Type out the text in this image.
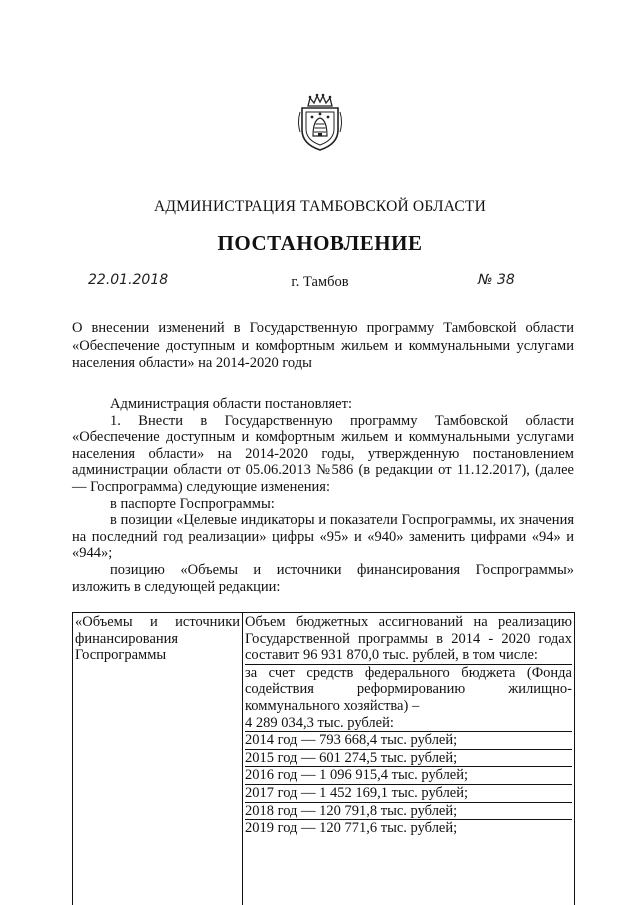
АДМИНИСТРАЦИЯ ТАМБОВСКОЙ ОБЛАСТИ
ПОСТАНОВЛЕНИЕ
22.01.2018	г. Тамбов	№ 38
О внесении изменений в Государственную программу Тамбовской области «Обеспечение доступным и комфортным жильем и коммунальными услугами населения области» на 2014-2020 годы

Администрация области постановляет:

1. Внести в Государственную программу Тамбовской области «Обеспечение доступным и комфортным жильем и коммунальными услугами населения области» на 2014-2020 годы, утвержденную постановлением администрации области от 05.06.2013 №586 (в редакции от 11.12.2017), (далее — Госпрограмма) следующие изменения:

в паспорте Госпрограммы:

в позиции «Целевые индикаторы и показатели Госпрограммы, их значения на последний год реализации» цифры «95» и «940» заменить цифрами «94» и «944»;

позицию «Объемы и источники финансирования Госпрограммы» изложить в следующей редакции:

«Объемы и источники финансирования Госпрограммы	
Объем бюджетных ассигнований на реализацию Государственной программы в 2014 - 2020 годах составит 96 931 870,0 тыс. рублей, в том числе:
за счет средств федерального бюджета (Фонда содействия реформированию жилищно-коммунального хозяйства) –
4 289 034,3 тыс. рублей:
2014 год — 793 668,4 тыс. рублей;
2015 год — 601 274,5 тыс. рублей;
2016 год — 1 096 915,4 тыс. рублей;
2017 год — 1 452 169,1 тыс. рублей;
2018 год — 120 791,8 тыс. рублей;
2019 год — 120 771,6 тыс. рублей;
